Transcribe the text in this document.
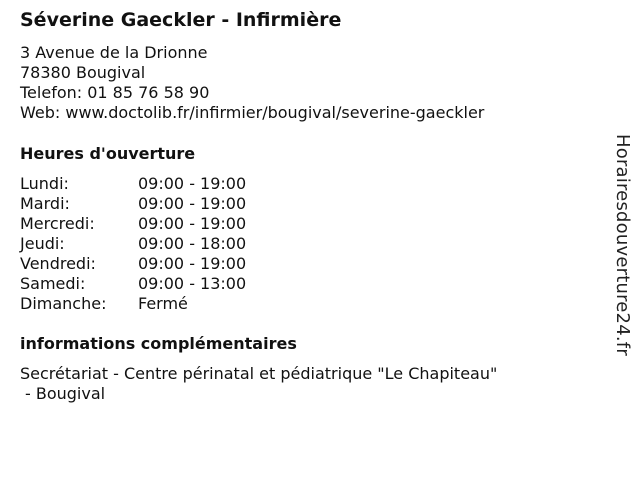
Séverine Gaeckler - Infirmière
3 Avenue de la Drionne
78380 Bougival
Telefon: 01 85 76 58 90
Web: www.doctolib.fr/infirmier/bougival/severine-gaeckler
Heures d'ouverture
Lundi:	09:00 - 19:00
Mardi:	09:00 - 19:00
Mercredi:	09:00 - 19:00
Jeudi:	09:00 - 18:00
Vendredi:	09:00 - 19:00
Samedi:	09:00 - 13:00
Dimanche: Fermé
informations complémentaires
Secrétariat - Centre périnatal et pédiatrique "Le Chapiteau"
- Bougival
Horairesdouverture24.fr
